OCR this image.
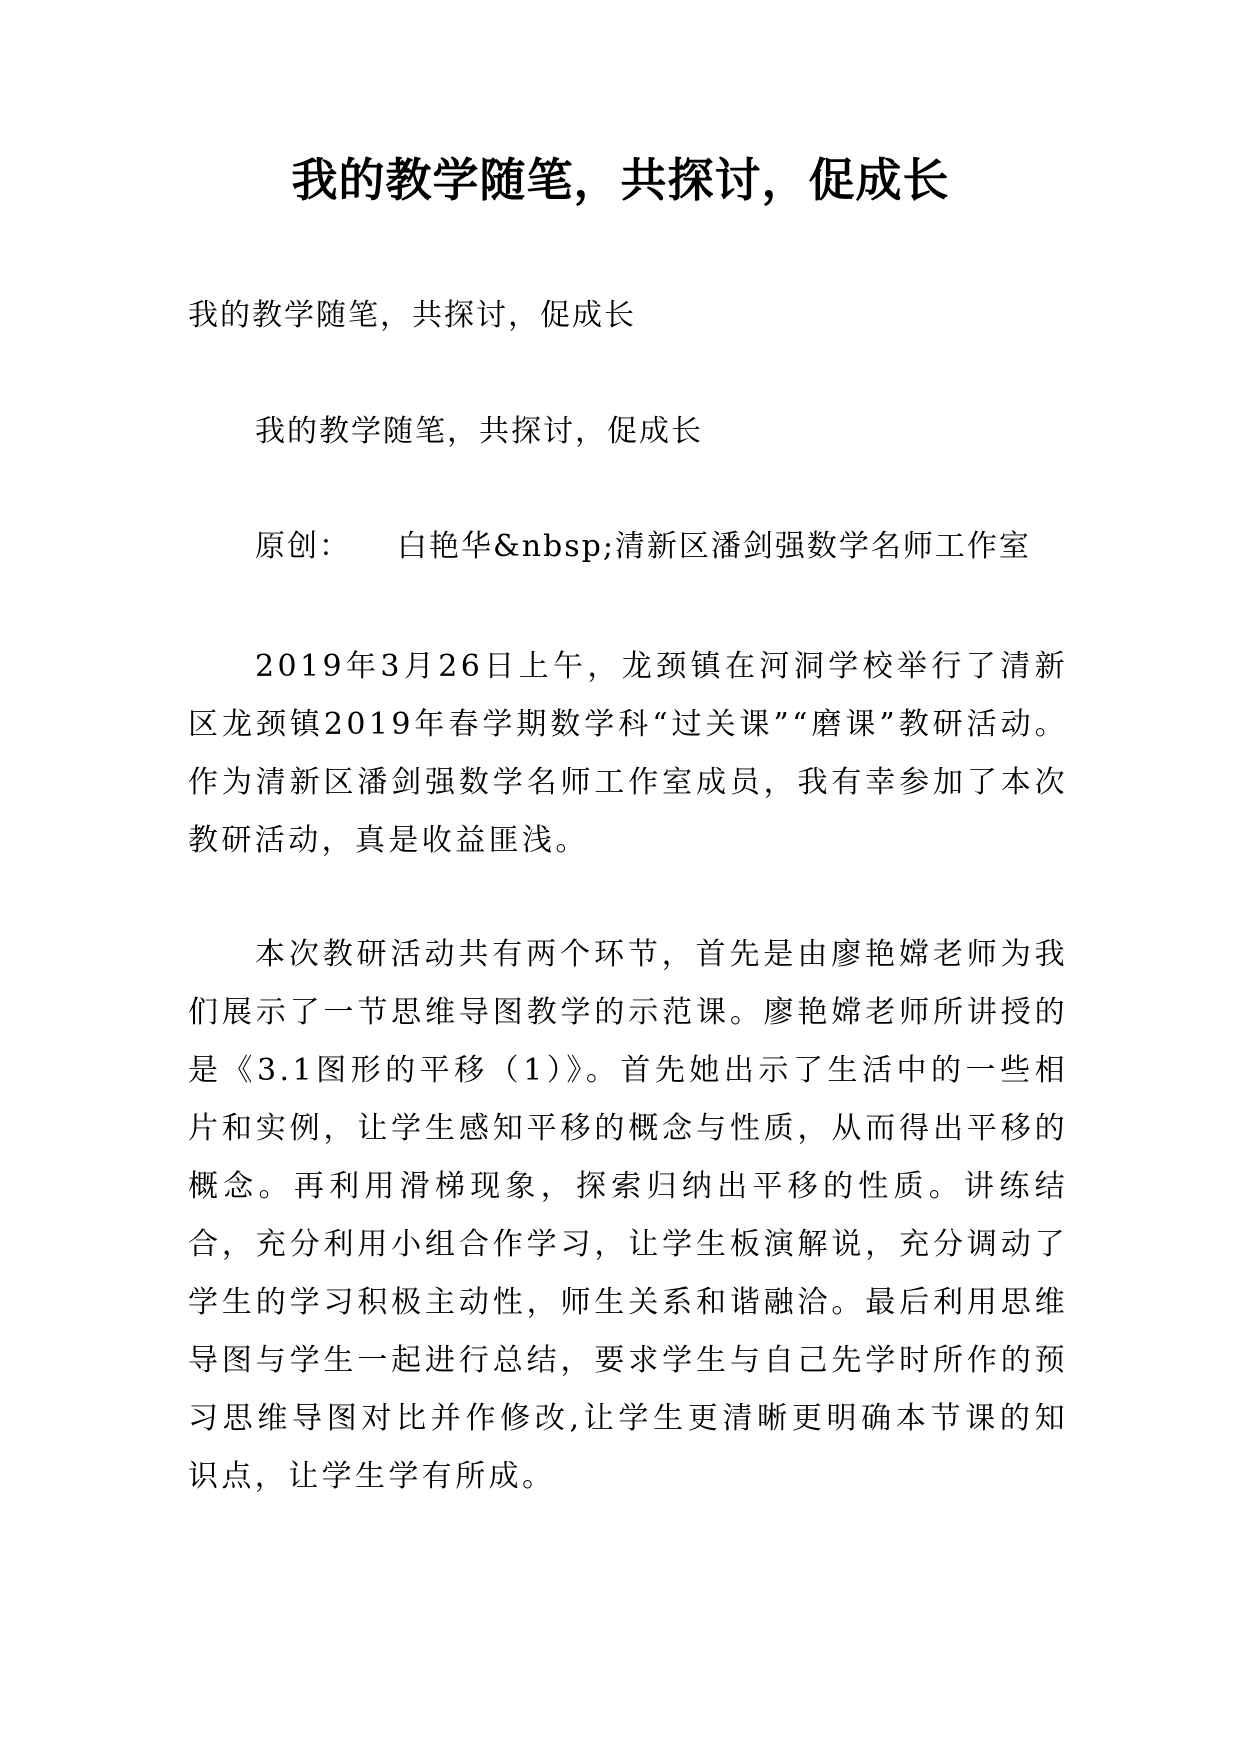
我的教学随笔，共探讨，促成长
我的教学随笔，共探讨，促成长
我的教学随笔，共探讨，促成长
原创： 白艳华&nbsp;清新区潘剑强数学名师工作室
2019年3月26日上午，龙颈镇在河洞学校举行了清新区龙颈镇2019年春学期数学科“过关课”“磨课”教研活动。作为清新区潘剑强数学名师工作室成员，我有幸参加了本次教研活动，真是收益匪浅。
本次教研活动共有两个环节，首先是由廖艳嫦老师为我们展示了一节思维导图教学的示范课。廖艳嫦老师所讲授的是《3.1图形的平移（1）》。首先她出示了生活中的一些相片和实例，让学生感知平移的概念与性质，从而得出平移的概念。再利用滑梯现象，探索归纳出平移的性质。讲练结合，充分利用小组合作学习，让学生板演解说，充分调动了学生的学习积极主动性，师生关系和谐融洽。最后利用思维导图与学生一起进行总结，要求学生与自己先学时所作的预习思维导图对比并作修改,让学生更清晰更明确本节课的知识点，让学生学有所成。
